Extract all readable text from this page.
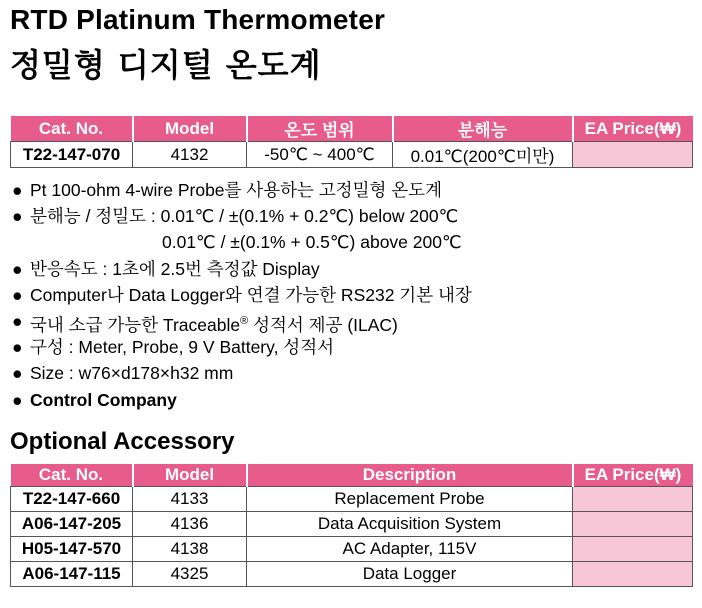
RTD Platinum Thermometer
정밀형 디지털 온도계
Cat. No.	Model	온도 범위	분해능	EA Price(₩)
T22-147-070	4132	-50℃ ~ 400℃	0.01℃(200℃미만)	
● Pt 100-ohm 4-wire Probe를 사용하는 고정밀형 온도계
● 분해능 / 정밀도 : 0.01℃ / ±(0.1% + 0.2℃) below 200℃
0.01℃ / ±(0.1% + 0.5℃) above 200℃
● 반응속도 : 1초에 2.5번 측정값 Display
● Computer나 Data Logger와 연결 가능한 RS232 기본 내장
● 국내 소급 가능한 Traceable® 성적서 제공 (ILAC)
● 구성 : Meter, Probe, 9 V Battery, 성적서
● Size : w76×d178×h32 mm
● Control Company
Optional Accessory
Cat. No.	Model	Description	EA Price(₩)
T22-147-660	4133	Replacement Probe	
A06-147-205	4136	Data Acquisition System	
H05-147-570	4138	AC Adapter, 115V	
A06-147-115	4325	Data Logger	
